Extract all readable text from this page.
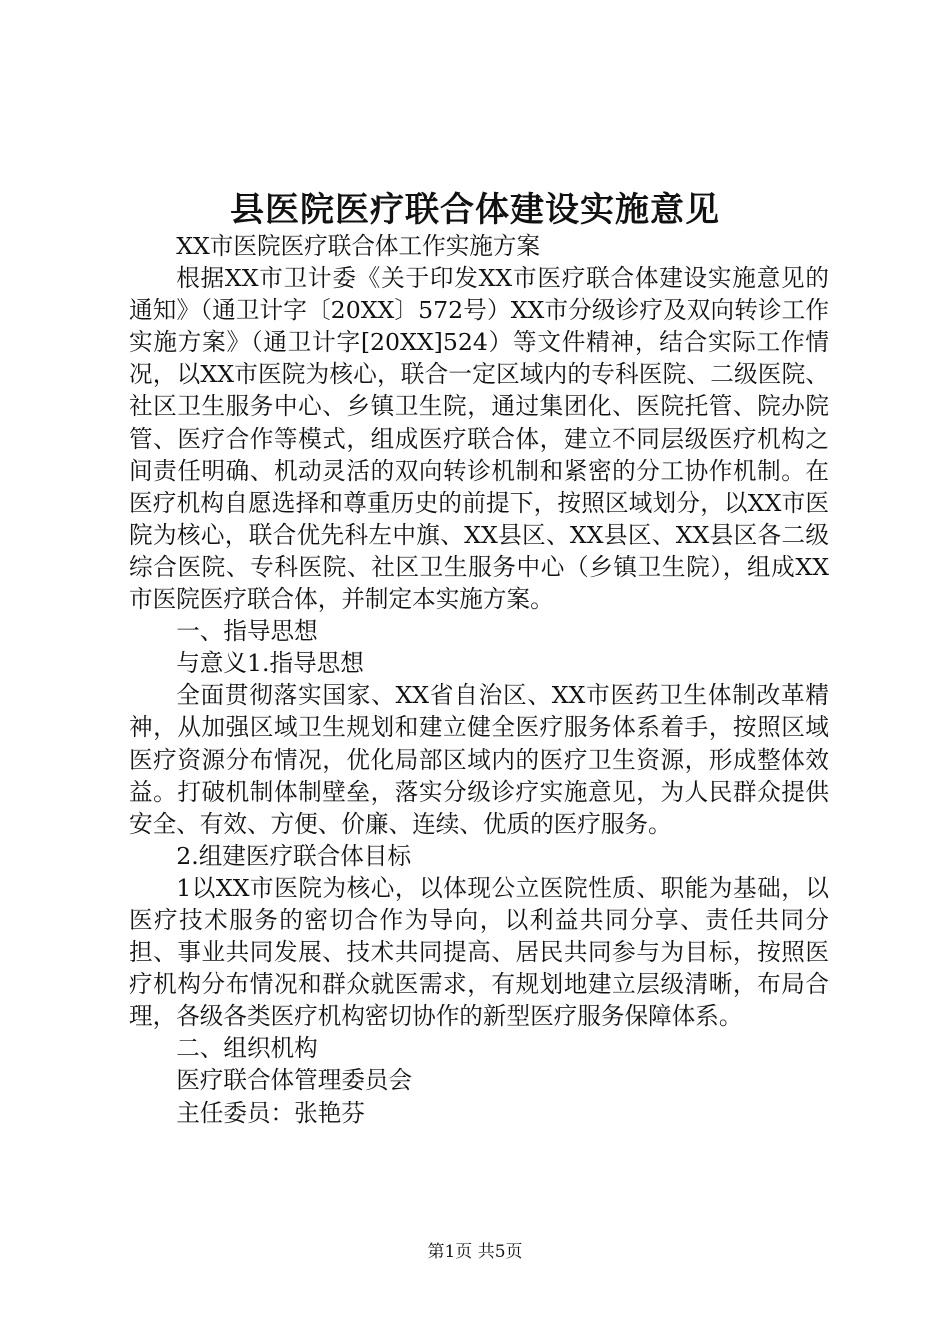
县医院医疗联合体建设实施意见

XX市医院医疗联合体工作实施方案

根据XX市卫计委《关于印发XX市医疗联合体建设实施意见的通知》（通卫计字〔20XX〕572号）XX市分级诊疗及双向转诊工作实施方案》（通卫计字[20XX]524）等文件精神，结合实际工作情况，以XX市医院为核心，联合一定区域内的专科医院、二级医院、社区卫生服务中心、乡镇卫生院，通过集团化、医院托管、院办院管、医疗合作等模式，组成医疗联合体，建立不同层级医疗机构之间责任明确、机动灵活的双向转诊机制和紧密的分工协作机制。在医疗机构自愿选择和尊重历史的前提下，按照区域划分，以XX市医院为核心，联合优先科左中旗、XX县区、XX县区、XX县区各二级综合医院、专科医院、社区卫生服务中心（乡镇卫生院），组成XX市医院医疗联合体，并制定本实施方案。

一、指导思想

与意义1.指导思想

全面贯彻落实国家、XX省自治区、XX市医药卫生体制改革精神，从加强区域卫生规划和建立健全医疗服务体系着手，按照区域医疗资源分布情况，优化局部区域内的医疗卫生资源，形成整体效益。打破机制体制壁垒，落实分级诊疗实施意见，为人民群众提供安全、有效、方便、价廉、连续、优质的医疗服务。

2.组建医疗联合体目标

1以XX市医院为核心，以体现公立医院性质、职能为基础，以医疗技术服务的密切合作为导向，以利益共同分享、责任共同分担、事业共同发展、技术共同提高、居民共同参与为目标，按照医疗机构分布情况和群众就医需求，有规划地建立层级清晰，布局合理，各级各类医疗机构密切协作的新型医疗服务保障体系。

二、组织机构

医疗联合体管理委员会

主任委员：张艳芬

第1页 共5页
